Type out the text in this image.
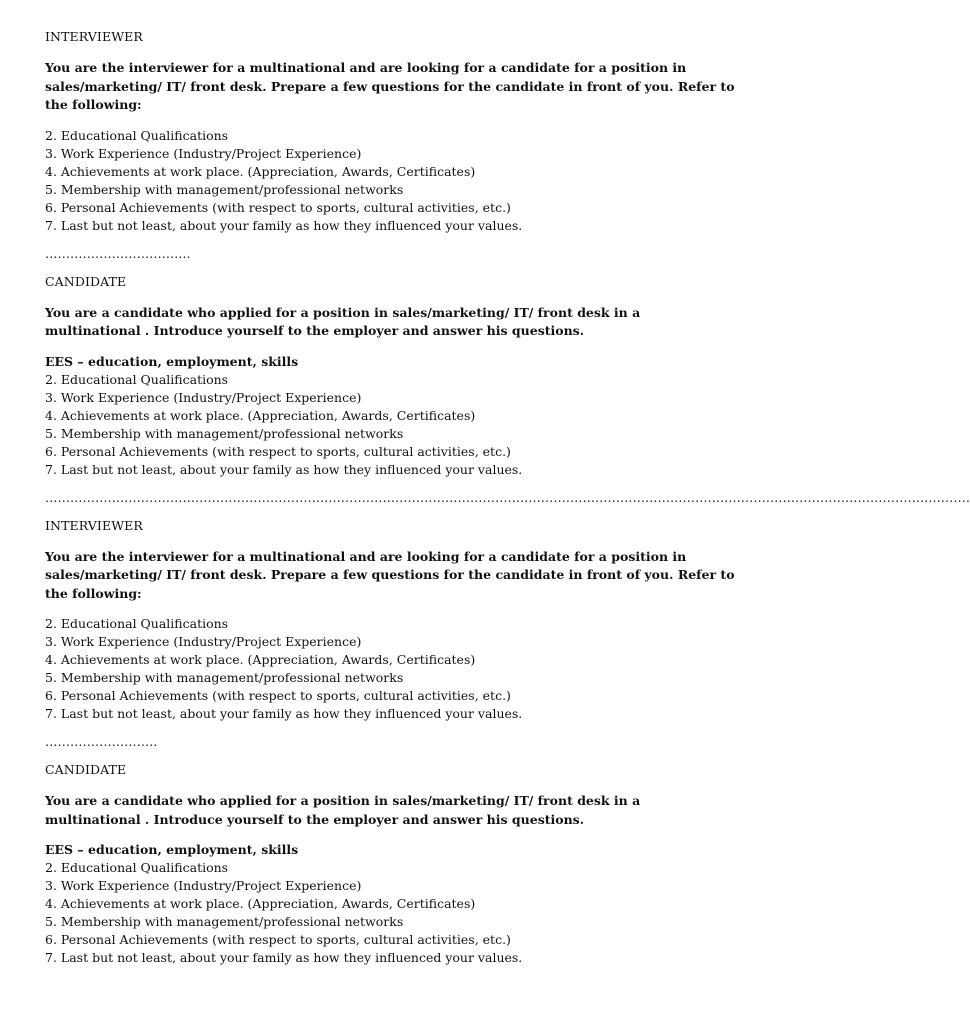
INTERVIEWER
You are the interviewer for a multinational and are looking for a candidate for a position in sales/marketing/ IT/ front desk. Prepare a few questions for the candidate in front of you. Refer to the following:
2. Educational Qualifications
3. Work Experience (Industry/Project Experience)
4. Achievements at work place. (Appreciation, Awards, Certificates)
5. Membership with management/professional networks
6. Personal Achievements (with respect to sports, cultural activities, etc.)
7. Last but not least, about your family as how they influenced your values.
……………………………..
CANDIDATE
You are a candidate who applied for a position in sales/marketing/ IT/ front desk in a multinational . Introduce yourself to the employer and answer his questions.
EES – education, employment, skills
2. Educational Qualifications
3. Work Experience (Industry/Project Experience)
4. Achievements at work place. (Appreciation, Awards, Certificates)
5. Membership with management/professional networks
6. Personal Achievements (with respect to sports, cultural activities, etc.)
7. Last but not least, about your family as how they influenced your values.
……………………………………………………………………………………………………………………………………………………………………………………………………
INTERVIEWER
You are the interviewer for a multinational and are looking for a candidate for a position in sales/marketing/ IT/ front desk. Prepare a few questions for the candidate in front of you. Refer to the following:
2. Educational Qualifications
3. Work Experience (Industry/Project Experience)
4. Achievements at work place. (Appreciation, Awards, Certificates)
5. Membership with management/professional networks
6. Personal Achievements (with respect to sports, cultural activities, etc.)
7. Last but not least, about your family as how they influenced your values.
………………………
CANDIDATE
You are a candidate who applied for a position in sales/marketing/ IT/ front desk in a multinational . Introduce yourself to the employer and answer his questions.
EES – education, employment, skills
2. Educational Qualifications
3. Work Experience (Industry/Project Experience)
4. Achievements at work place. (Appreciation, Awards, Certificates)
5. Membership with management/professional networks
6. Personal Achievements (with respect to sports, cultural activities, etc.)
7. Last but not least, about your family as how they influenced your values.
